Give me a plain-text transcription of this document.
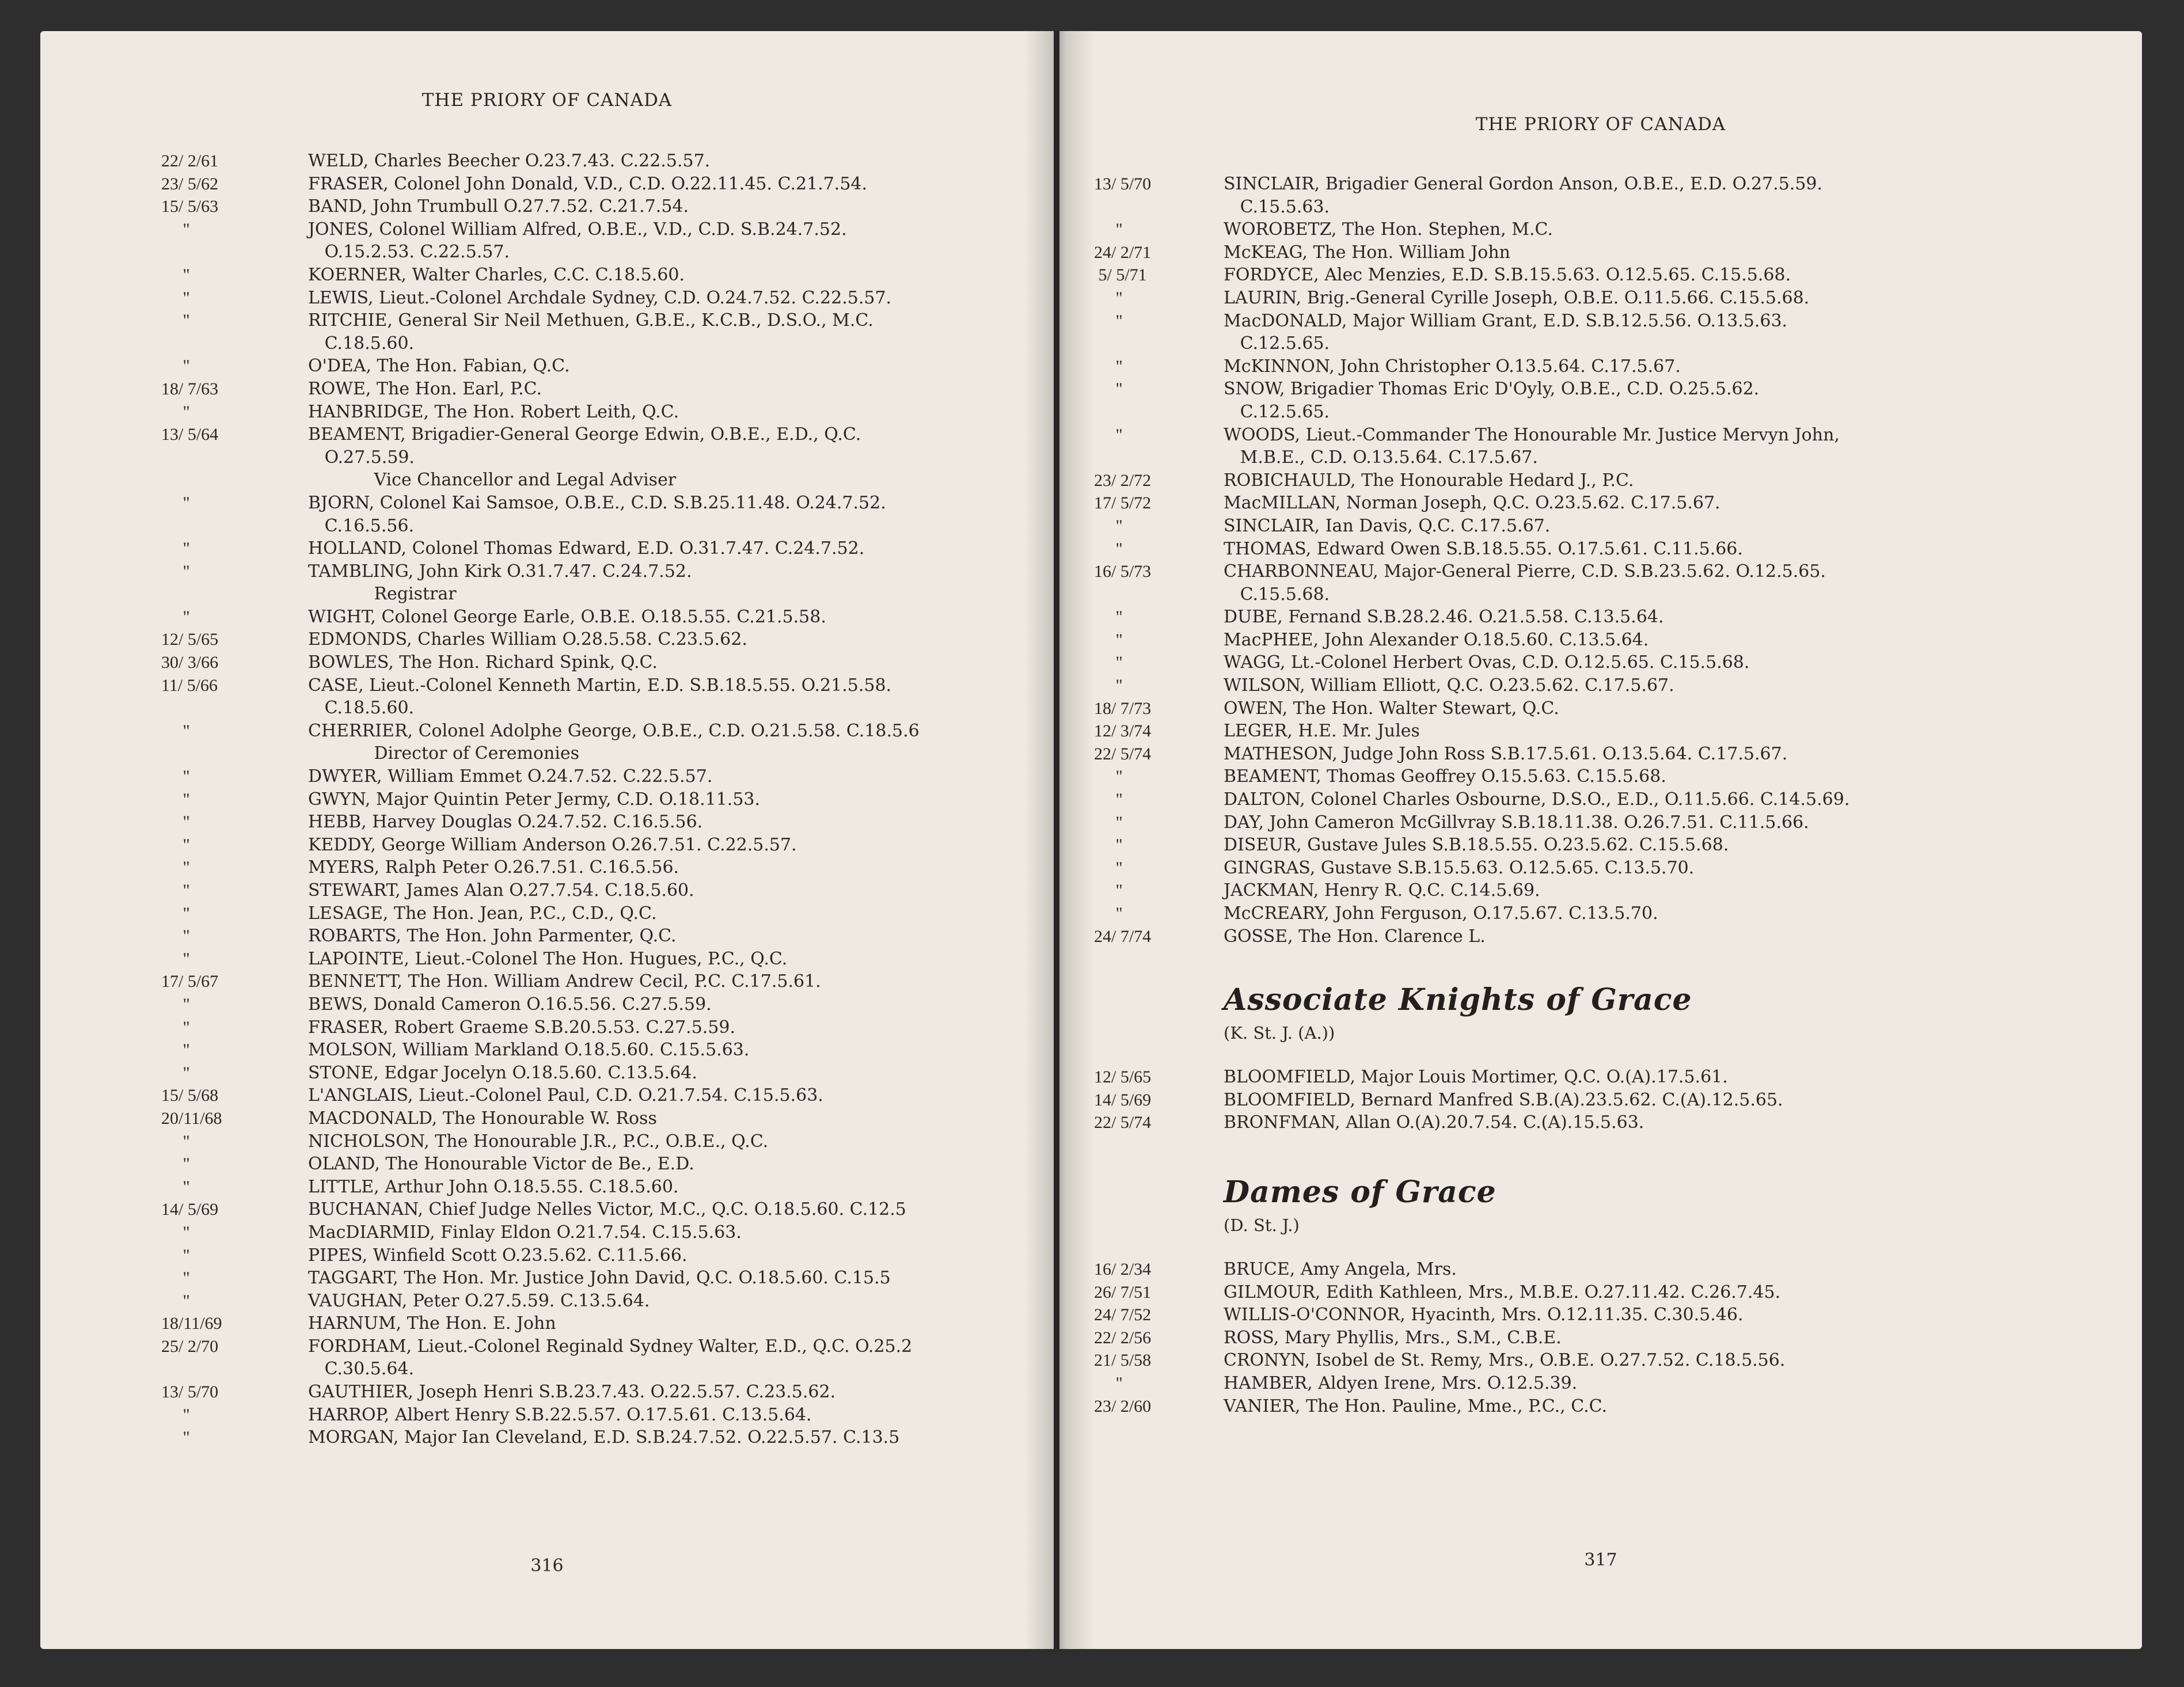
THE PRIORY OF CANADA
22/ 2/61	WELD, Charles Beecher O.23.7.43. C.22.5.57.
23/ 5/62	FRASER, Colonel John Donald, V.D., C.D. O.22.11.45. C.21.7.54.
15/ 5/63	BAND, John Trumbull O.27.7.52. C.21.7.54.
"	JONES, Colonel William Alfred, O.B.E., V.D., C.D. S.B.24.7.52.
O.15.2.53. C.22.5.57.
"	KOERNER, Walter Charles, C.C. C.18.5.60.
"	LEWIS, Lieut.-Colonel Archdale Sydney, C.D. O.24.7.52. C.22.5.57.
"	RITCHIE, General Sir Neil Methuen, G.B.E., K.C.B., D.S.O., M.C.
C.18.5.60.
"	O'DEA, The Hon. Fabian, Q.C.
18/ 7/63	ROWE, The Hon. Earl, P.C.
"	HANBRIDGE, The Hon. Robert Leith, Q.C.
13/ 5/64	BEAMENT, Brigadier-General George Edwin, O.B.E., E.D., Q.C.
O.27.5.59.
Vice Chancellor and Legal Adviser
"	BJORN, Colonel Kai Samsoe, O.B.E., C.D. S.B.25.11.48. O.24.7.52.
C.16.5.56.
"	HOLLAND, Colonel Thomas Edward, E.D. O.31.7.47. C.24.7.52.
"	TAMBLING, John Kirk O.31.7.47. C.24.7.52.
Registrar
"	WIGHT, Colonel George Earle, O.B.E. O.18.5.55. C.21.5.58.
12/ 5/65	EDMONDS, Charles William O.28.5.58. C.23.5.62.
30/ 3/66	BOWLES, The Hon. Richard Spink, Q.C.
11/ 5/66	CASE, Lieut.-Colonel Kenneth Martin, E.D. S.B.18.5.55. O.21.5.58.
C.18.5.60.
"	CHERRIER, Colonel Adolphe George, O.B.E., C.D. O.21.5.58. C.18.5.6
Director of Ceremonies
"	DWYER, William Emmet O.24.7.52. C.22.5.57.
"	GWYN, Major Quintin Peter Jermy, C.D. O.18.11.53.
"	HEBB, Harvey Douglas O.24.7.52. C.16.5.56.
"	KEDDY, George William Anderson O.26.7.51. C.22.5.57.
"	MYERS, Ralph Peter O.26.7.51. C.16.5.56.
"	STEWART, James Alan O.27.7.54. C.18.5.60.
"	LESAGE, The Hon. Jean, P.C., C.D., Q.C.
"	ROBARTS, The Hon. John Parmenter, Q.C.
"	LAPOINTE, Lieut.-Colonel The Hon. Hugues, P.C., Q.C.
17/ 5/67	BENNETT, The Hon. William Andrew Cecil, P.C. C.17.5.61.
"	BEWS, Donald Cameron O.16.5.56. C.27.5.59.
"	FRASER, Robert Graeme S.B.20.5.53. C.27.5.59.
"	MOLSON, William Markland O.18.5.60. C.15.5.63.
"	STONE, Edgar Jocelyn O.18.5.60. C.13.5.64.
15/ 5/68	L'ANGLAIS, Lieut.-Colonel Paul, C.D. O.21.7.54. C.15.5.63.
20/11/68	MACDONALD, The Honourable W. Ross
"	NICHOLSON, The Honourable J.R., P.C., O.B.E., Q.C.
"	OLAND, The Honourable Victor de Be., E.D.
"	LITTLE, Arthur John O.18.5.55. C.18.5.60.
14/ 5/69	BUCHANAN, Chief Judge Nelles Victor, M.C., Q.C. O.18.5.60. C.12.5
"	MacDIARMID, Finlay Eldon O.21.7.54. C.15.5.63.
"	PIPES, Winfield Scott O.23.5.62. C.11.5.66.
"	TAGGART, The Hon. Mr. Justice John David, Q.C. O.18.5.60. C.15.5
"	VAUGHAN, Peter O.27.5.59. C.13.5.64.
18/11/69	HARNUM, The Hon. E. John
25/ 2/70	FORDHAM, Lieut.-Colonel Reginald Sydney Walter, E.D., Q.C. O.25.2
C.30.5.64.
13/ 5/70	GAUTHIER, Joseph Henri S.B.23.7.43. O.22.5.57. C.23.5.62.
"	HARROP, Albert Henry S.B.22.5.57. O.17.5.61. C.13.5.64.
"	MORGAN, Major Ian Cleveland, E.D. S.B.24.7.52. O.22.5.57. C.13.5
316
THE PRIORY OF CANADA
13/ 5/70	SINCLAIR, Brigadier General Gordon Anson, O.B.E., E.D. O.27.5.59.
C.15.5.63.
"	WOROBETZ, The Hon. Stephen, M.C.
24/ 2/71	McKEAG, The Hon. William John
5/ 5/71	FORDYCE, Alec Menzies, E.D. S.B.15.5.63. O.12.5.65. C.15.5.68.
"	LAURIN, Brig.-General Cyrille Joseph, O.B.E. O.11.5.66. C.15.5.68.
"	MacDONALD, Major William Grant, E.D. S.B.12.5.56. O.13.5.63.
C.12.5.65.
"	McKINNON, John Christopher O.13.5.64. C.17.5.67.
"	SNOW, Brigadier Thomas Eric D'Oyly, O.B.E., C.D. O.25.5.62.
C.12.5.65.
"	WOODS, Lieut.-Commander The Honourable Mr. Justice Mervyn John,
M.B.E., C.D. O.13.5.64. C.17.5.67.
23/ 2/72	ROBICHAULD, The Honourable Hedard J., P.C.
17/ 5/72	MacMILLAN, Norman Joseph, Q.C. O.23.5.62. C.17.5.67.
"	SINCLAIR, Ian Davis, Q.C. C.17.5.67.
"	THOMAS, Edward Owen S.B.18.5.55. O.17.5.61. C.11.5.66.
16/ 5/73	CHARBONNEAU, Major-General Pierre, C.D. S.B.23.5.62. O.12.5.65.
C.15.5.68.
"	DUBE, Fernand S.B.28.2.46. O.21.5.58. C.13.5.64.
"	MacPHEE, John Alexander O.18.5.60. C.13.5.64.
"	WAGG, Lt.-Colonel Herbert Ovas, C.D. O.12.5.65. C.15.5.68.
"	WILSON, William Elliott, Q.C. O.23.5.62. C.17.5.67.
18/ 7/73	OWEN, The Hon. Walter Stewart, Q.C.
12/ 3/74	LEGER, H.E. Mr. Jules
22/ 5/74	MATHESON, Judge John Ross S.B.17.5.61. O.13.5.64. C.17.5.67.
"	BEAMENT, Thomas Geoffrey O.15.5.63. C.15.5.68.
"	DALTON, Colonel Charles Osbourne, D.S.O., E.D., O.11.5.66. C.14.5.69.
"	DAY, John Cameron McGillvray S.B.18.11.38. O.26.7.51. C.11.5.66.
"	DISEUR, Gustave Jules S.B.18.5.55. O.23.5.62. C.15.5.68.
"	GINGRAS, Gustave S.B.15.5.63. O.12.5.65. C.13.5.70.
"	JACKMAN, Henry R. Q.C. C.14.5.69.
"	McCREARY, John Ferguson, O.17.5.67. C.13.5.70.
24/ 7/74	GOSSE, The Hon. Clarence L.
Associate Knights of Grace
(K. St. J. (A.))
12/ 5/65	BLOOMFIELD, Major Louis Mortimer, Q.C. O.(A).17.5.61.
14/ 5/69	BLOOMFIELD, Bernard Manfred S.B.(A).23.5.62. C.(A).12.5.65.
22/ 5/74	BRONFMAN, Allan O.(A).20.7.54. C.(A).15.5.63.
Dames of Grace
(D. St. J.)
16/ 2/34	BRUCE, Amy Angela, Mrs.
26/ 7/51	GILMOUR, Edith Kathleen, Mrs., M.B.E. O.27.11.42. C.26.7.45.
24/ 7/52	WILLIS-O'CONNOR, Hyacinth, Mrs. O.12.11.35. C.30.5.46.
22/ 2/56	ROSS, Mary Phyllis, Mrs., S.M., C.B.E.
21/ 5/58	CRONYN, Isobel de St. Remy, Mrs., O.B.E. O.27.7.52. C.18.5.56.
"	HAMBER, Aldyen Irene, Mrs. O.12.5.39.
23/ 2/60	VANIER, The Hon. Pauline, Mme., P.C., C.C.
317
